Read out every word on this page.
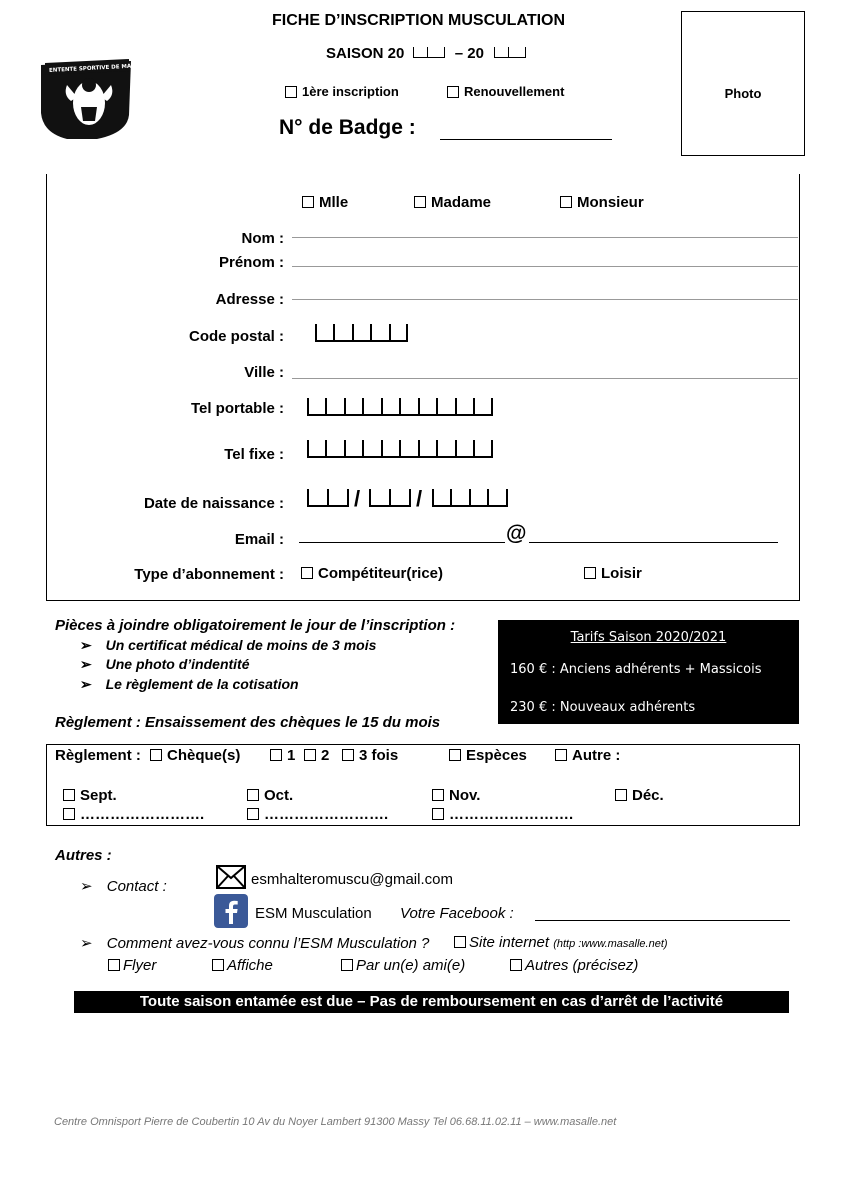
FICHE D’INSCRIPTION MUSCULATION
SAISON 20	– 20
1ère inscription	Renouvellement
N° de Badge :
Photo
ENTENTE SPORTIVE DE MASSY
Mlle	Madame	Monsieur
Nom :
Prénom :
Adresse :
Code postal :
Ville :
Tel portable :
Tel fixe :
Date de naissance :	/	/
Email :	@
Type d’abonnement :	Compétiteur(rice)	Loisir
Pièces à joindre obligatoirement le jour de l’inscription :
➢ Un certificat médical de moins de 3 mois
➢ Une photo d’indentité
➢ Le règlement de la cotisation
Règlement : Ensaissement des chèques le 15 du mois
Tarifs Saison 2020/2021
160 € : Anciens adhérents + Massicois
230 € : Nouveaux adhérents
Règlement :	Chèque(s)	1	2	3 fois	Espèces	Autre :
Sept.	Oct.	Nov.	Déc.
…………………….	…………………….	…………………….
Autres :
➢ Contact :	esmhalteromuscu@gmail.com
ESM Musculation Votre Facebook :
➢ Comment avez-vous connu l’ESM Musculation ?	Site internet (http :www.masalle.net)
Flyer	Affiche	Par un(e) ami(e)	Autres (précisez)
Toute saison entamée est due – Pas de remboursement en cas d’arrêt de l’activité
Centre Omnisport Pierre de Coubertin 10 Av du Noyer Lambert 91300 Massy Tel 06.68.11.02.11 – www.masalle.net
